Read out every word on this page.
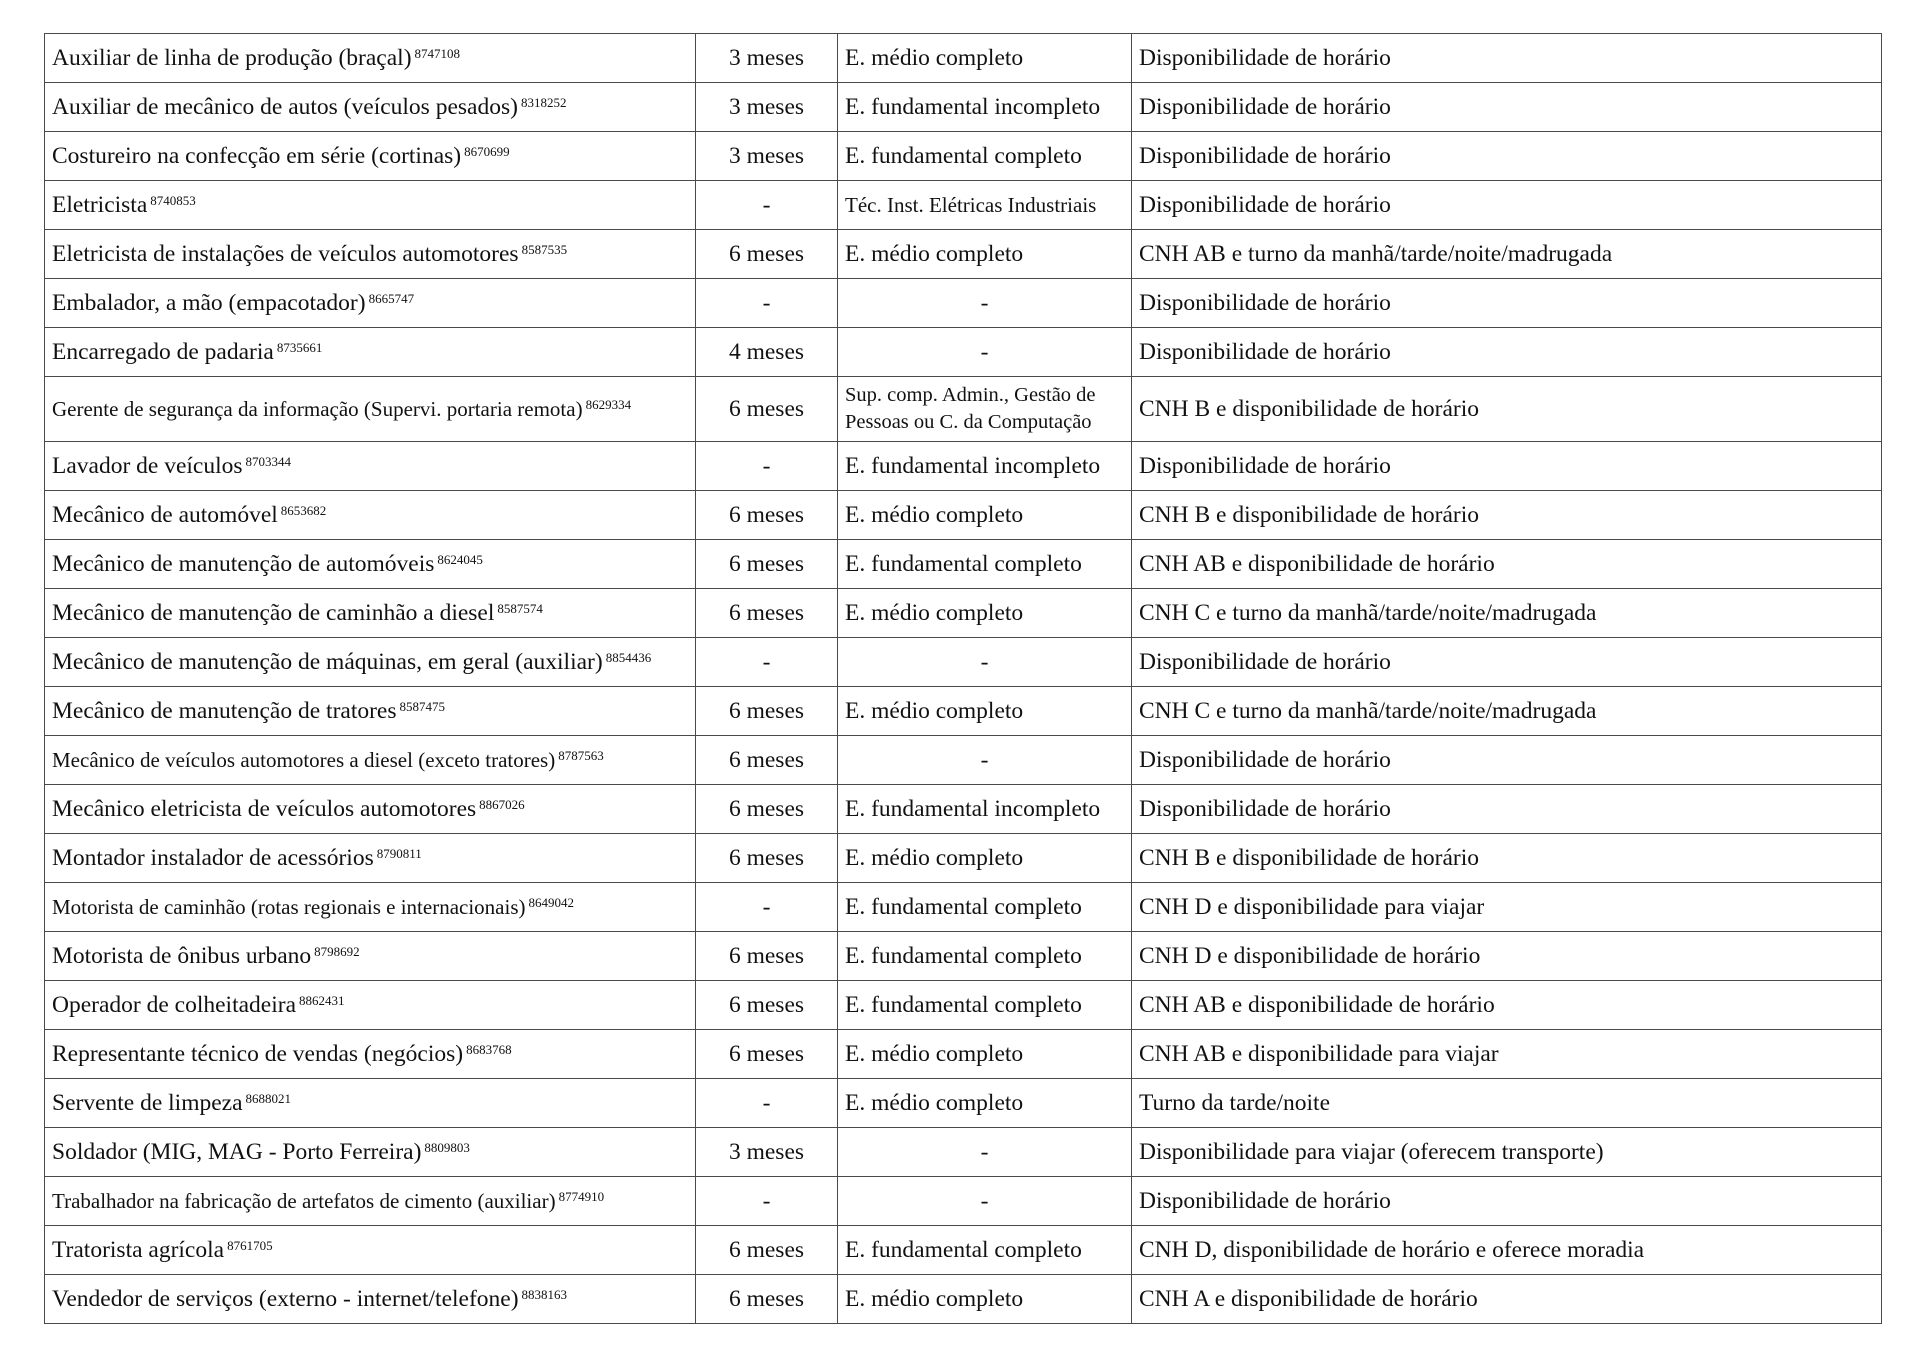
Auxiliar de linha de produção (braçal) $^{8747108}$	3 meses	E. médio completo	Disponibilidade de horário
Auxiliar de mecânico de autos (veículos pesados) $^{8318252}$	3 meses	E. fundamental incompleto	Disponibilidade de horário
Costureiro na confecção em série (cortinas) $^{8670699}$	3 meses	E. fundamental completo	Disponibilidade de horário
Eletricista $^{8740853}$	-	Téc. Inst. Elétricas Industriais	Disponibilidade de horário
Eletricista de instalações de veículos automotores $^{8587535}$	6 meses	E. médio completo	CNH AB e turno da manhã/tarde/noite/madrugada
Embalador, a mão (empacotador) $^{8665747}$	-	-	Disponibilidade de horário
Encarregado de padaria $^{8735661}$	4 meses	-	Disponibilidade de horário
Gerente de segurança da informação (Supervi. portaria remota) $^{8629334}$	6 meses	Sup. comp. Admin., Gestão de Pessoas ou C. da Computação	CNH B e disponibilidade de horário
Lavador de veículos $^{8703344}$	-	E. fundamental incompleto	Disponibilidade de horário
Mecânico de automóvel $^{8653682}$	6 meses	E. médio completo	CNH B e disponibilidade de horário
Mecânico de manutenção de automóveis $^{8624045}$	6 meses	E. fundamental completo	CNH AB e disponibilidade de horário
Mecânico de manutenção de caminhão a diesel $^{8587574}$	6 meses	E. médio completo	CNH C e turno da manhã/tarde/noite/madrugada
Mecânico de manutenção de máquinas, em geral (auxiliar) $^{8854436}$	-	-	Disponibilidade de horário
Mecânico de manutenção de tratores $^{8587475}$	6 meses	E. médio completo	CNH C e turno da manhã/tarde/noite/madrugada
Mecânico de veículos automotores a diesel (exceto tratores) $^{8787563}$	6 meses	-	Disponibilidade de horário
Mecânico eletricista de veículos automotores $^{8867026}$	6 meses	E. fundamental incompleto	Disponibilidade de horário
Montador instalador de acessórios $^{8790811}$	6 meses	E. médio completo	CNH B e disponibilidade de horário
Motorista de caminhão (rotas regionais e internacionais) $^{8649042}$	-	E. fundamental completo	CNH D e disponibilidade para viajar
Motorista de ônibus urbano $^{8798692}$	6 meses	E. fundamental completo	CNH D e disponibilidade de horário
Operador de colheitadeira $^{8862431}$	6 meses	E. fundamental completo	CNH AB e disponibilidade de horário
Representante técnico de vendas (negócios) $^{8683768}$	6 meses	E. médio completo	CNH AB e disponibilidade para viajar
Servente de limpeza $^{8688021}$	-	E. médio completo	Turno da tarde/noite
Soldador (MIG, MAG - Porto Ferreira) $^{8809803}$	3 meses	-	Disponibilidade para viajar (oferecem transporte)
Trabalhador na fabricação de artefatos de cimento (auxiliar) $^{8774910}$	-	-	Disponibilidade de horário
Tratorista agrícola $^{8761705}$	6 meses	E. fundamental completo	CNH D, disponibilidade de horário e oferece moradia
Vendedor de serviços (externo - internet/telefone) $^{8838163}$	6 meses	E. médio completo	CNH A e disponibilidade de horário
